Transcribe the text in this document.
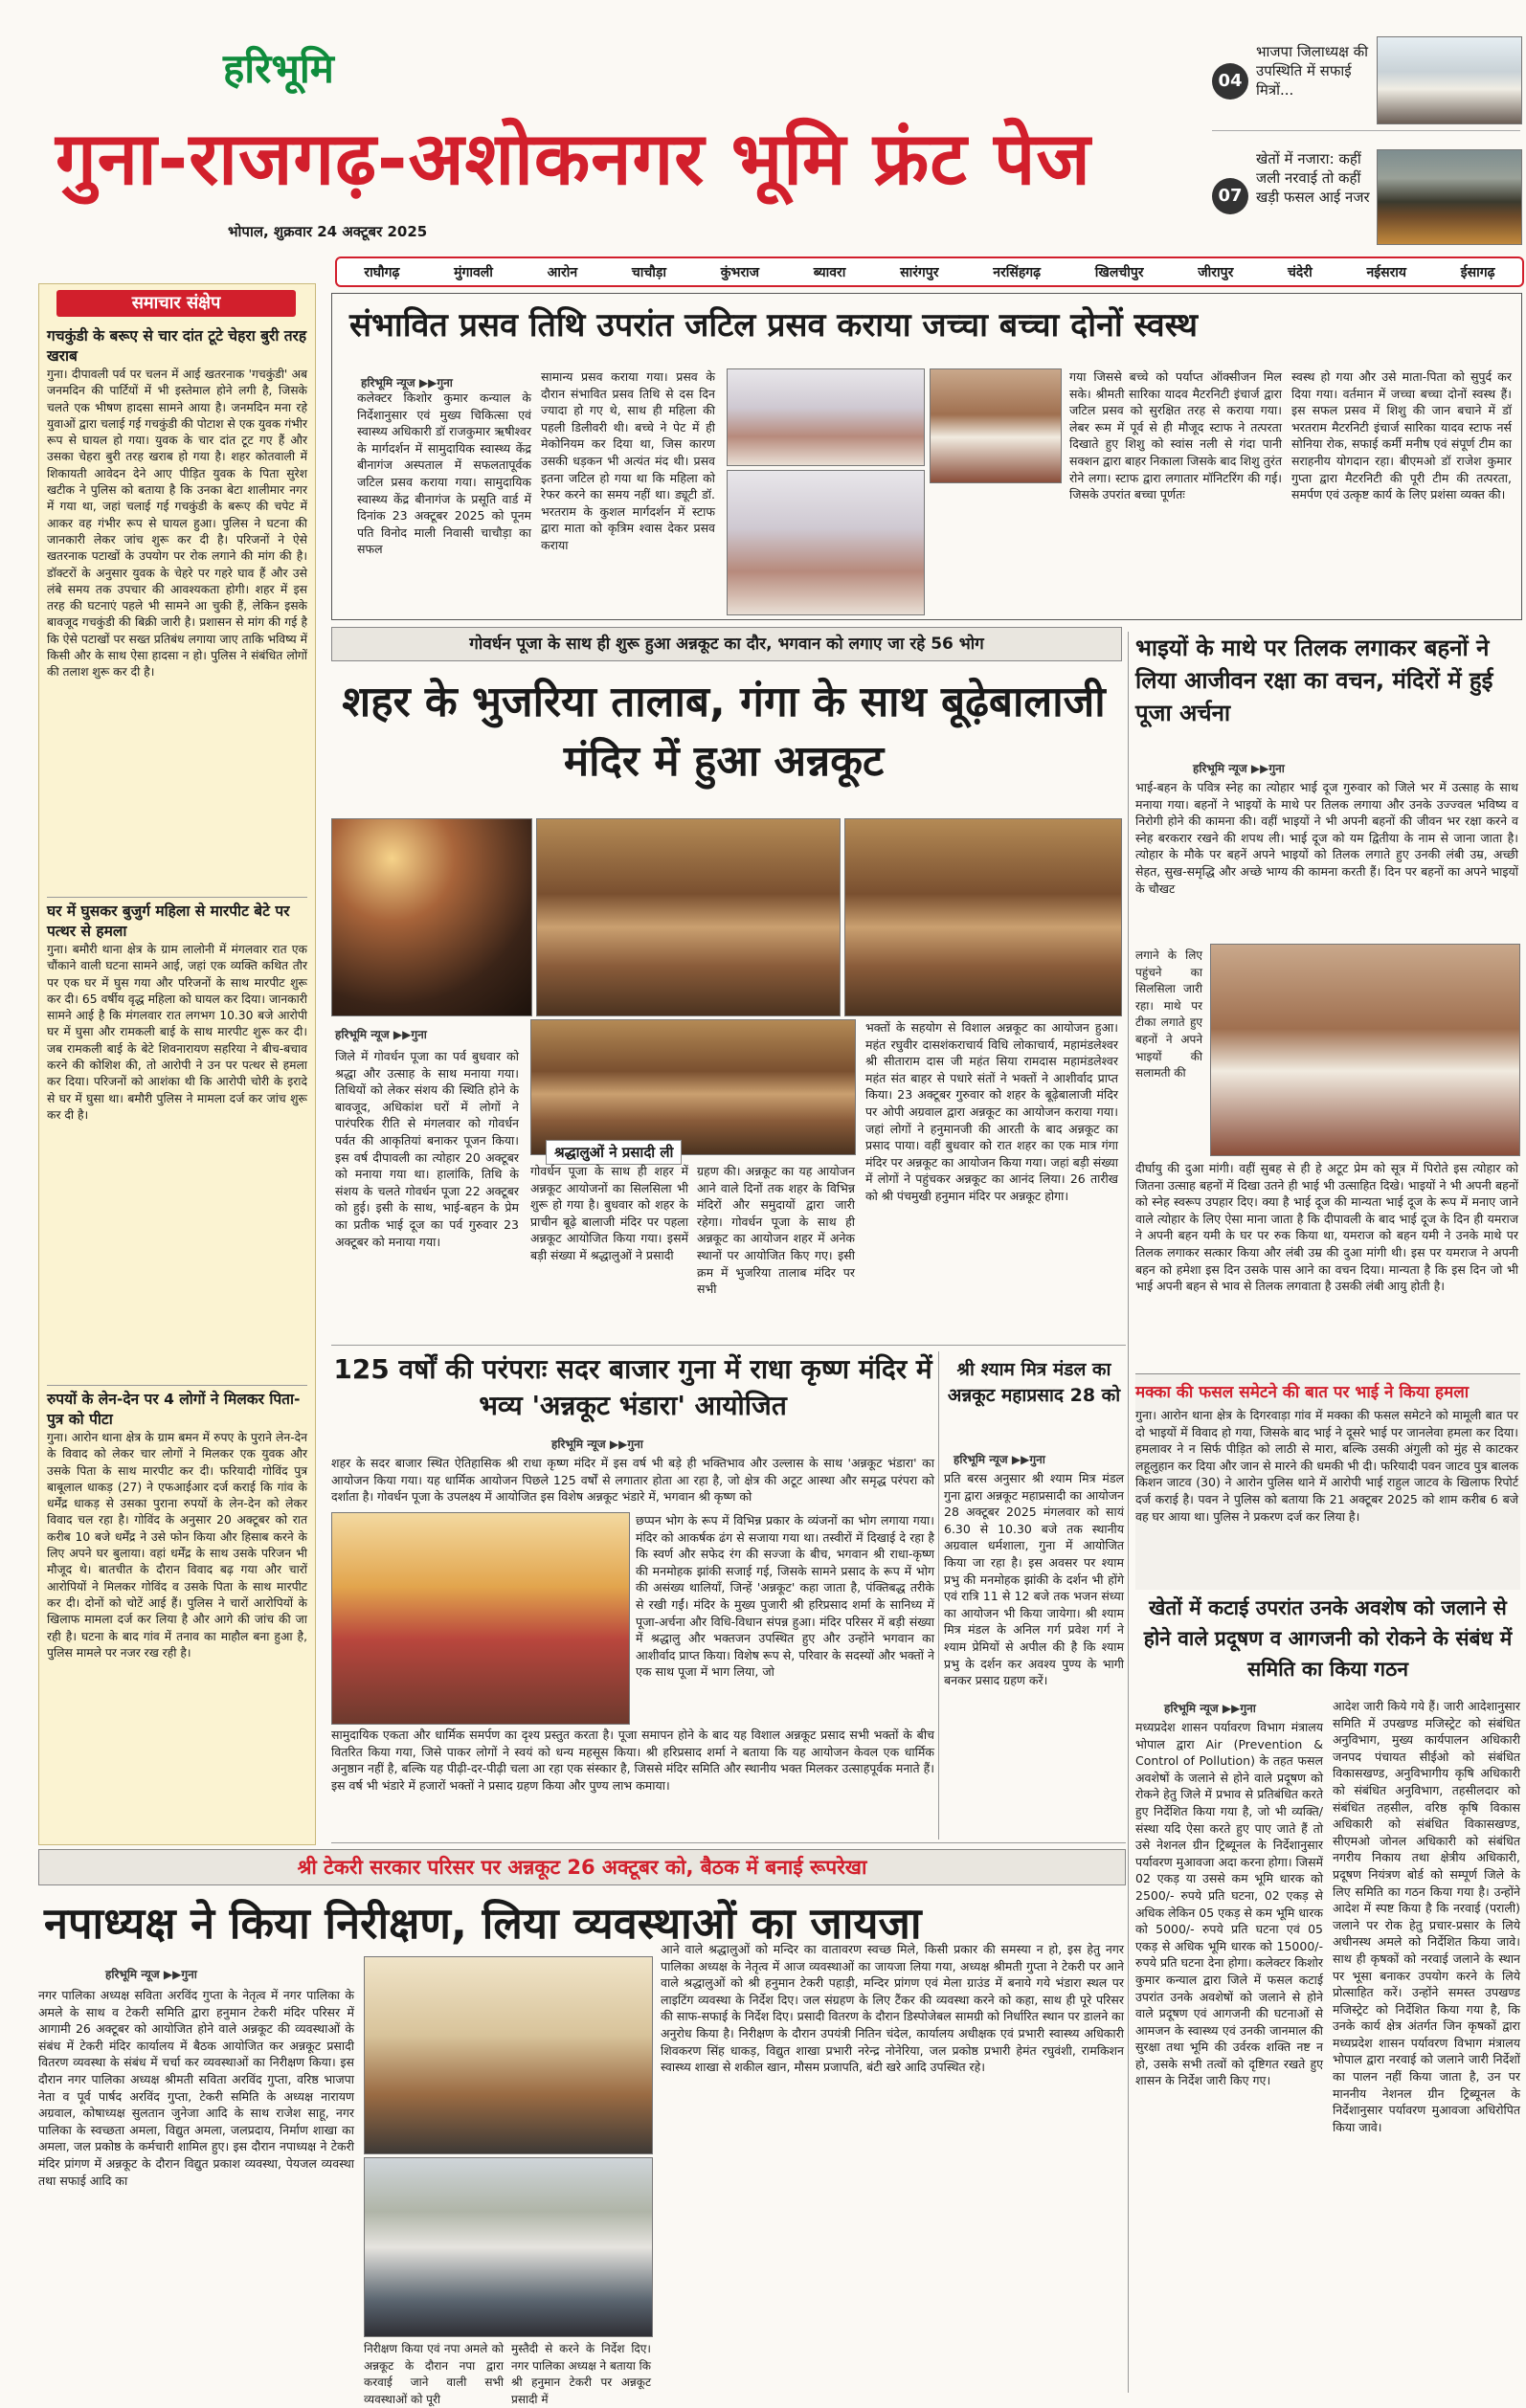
हरिभूमि
गुना-राजगढ़-अशोकनगर भूमि फ्रंट पेज
भोपाल, शुक्रवार 24 अक्टूबर 2025
04
भाजपा जिलाध्यक्ष की उपस्थिति में सफाई मित्रों...
07
खेतों में नजारा: कहीं जली नरवाई तो कहीं खड़ी फसल आई नजर
राघौगढ़	मुंगावली	आरोन	चाचौड़ा	कुंभराज	ब्यावरा	सारंगपुर	नरसिंहगढ़	खिलचीपुर	जीरापुर	चंदेरी	नईसराय	ईसागढ़
समाचार संक्षेप
गचकुंडी के बरूए से चार दांत टूटे चेहरा बुरी तरह खराब
गुना। दीपावली पर्व पर चलन में आई खतरनाक 'गचकुंडी' अब जनमदिन की पार्टियों में भी इस्तेमाल होने लगी है, जिसके चलते एक भीषण हादसा सामने आया है। जनमदिन मना रहे युवाओं द्वारा चलाई गई गचकुंडी की पोटाश से एक युवक गंभीर रूप से घायल हो गया। युवक के चार दांत टूट गए हैं और उसका चेहरा बुरी तरह खराब हो गया है। शहर कोतवाली में शिकायती आवेदन देने आए पीड़ित युवक के पिता सुरेश खटीक ने पुलिस को बताया है कि उनका बेटा शालीमार नगर में गया था, जहां चलाई गई गचकुंडी के बरूए की चपेट में आकर वह गंभीर रूप से घायल हुआ। पुलिस ने घटना की जानकारी लेकर जांच शुरू कर दी है। परिजनों ने ऐसे खतरनाक पटाखों के उपयोग पर रोक लगाने की मांग की है। डॉक्टरों के अनुसार युवक के चेहरे पर गहरे घाव हैं और उसे लंबे समय तक उपचार की आवश्यकता होगी। शहर में इस तरह की घटनाएं पहले भी सामने आ चुकी हैं, लेकिन इसके बावजूद गचकुंडी की बिक्री जारी है। प्रशासन से मांग की गई है कि ऐसे पटाखों पर सख्त प्रतिबंध लगाया जाए ताकि भविष्य में किसी और के साथ ऐसा हादसा न हो। पुलिस ने संबंधित लोगों की तलाश शुरू कर दी है।
घर में घुसकर बुजुर्ग महिला से मारपीट बेटे पर पत्थर से हमला
गुना। बमौरी थाना क्षेत्र के ग्राम लालोनी में मंगलवार रात एक चौंकाने वाली घटना सामने आई, जहां एक व्यक्ति कथित तौर पर एक घर में घुस गया और परिजनों के साथ मारपीट शुरू कर दी। 65 वर्षीय वृद्ध महिला को घायल कर दिया। जानकारी सामने आई है कि मंगलवार रात लगभग 10.30 बजे आरोपी घर में घुसा और रामकली बाई के साथ मारपीट शुरू कर दी। जब रामकली बाई के बेटे शिवनारायण सहरिया ने बीच-बचाव करने की कोशिश की, तो आरोपी ने उन पर पत्थर से हमला कर दिया। परिजनों को आशंका थी कि आरोपी चोरी के इरादे से घर में घुसा था। बमौरी पुलिस ने मामला दर्ज कर जांच शुरू कर दी है।
रुपयों के लेन-देन पर 4 लोगों ने मिलकर पिता-पुत्र को पीटा
गुना। आरोन थाना क्षेत्र के ग्राम बमन में रुपए के पुराने लेन-देन के विवाद को लेकर चार लोगों ने मिलकर एक युवक और उसके पिता के साथ मारपीट कर दी। फरियादी गोविंद पुत्र बाबूलाल धाकड़ (27) ने एफआईआर दर्ज कराई कि गांव के धर्मेंद्र धाकड़ से उसका पुराना रुपयों के लेन-देन को लेकर विवाद चल रहा है। गोविंद के अनुसार 20 अक्टूबर को रात करीब 10 बजे धर्मेंद्र ने उसे फोन किया और हिसाब करने के लिए अपने घर बुलाया। वहां धर्मेंद्र के साथ उसके परिजन भी मौजूद थे। बातचीत के दौरान विवाद बढ़ गया और चारों आरोपियों ने मिलकर गोविंद व उसके पिता के साथ मारपीट कर दी। दोनों को चोटें आई हैं। पुलिस ने चारों आरोपियों के खिलाफ मामला दर्ज कर लिया है और आगे की जांच की जा रही है। घटना के बाद गांव में तनाव का माहौल बना हुआ है, पुलिस मामले पर नजर रख रही है।
संभावित प्रसव तिथि उपरांत जटिल प्रसव कराया जच्चा बच्चा दोनों स्वस्थ
हरिभूमि न्यूज ▶▶गुना
कलेक्टर किशोर कुमार कन्याल के निर्देशानुसार एवं मुख्य चिकित्सा एवं स्वास्थ्य अधिकारी डॉ राजकुमार ऋषीश्वर के मार्गदर्शन में सामुदायिक स्वास्थ्य केंद्र बीनागंज अस्पताल में सफलतापूर्वक जटिल प्रसव कराया गया। सामुदायिक स्वास्थ्य केंद्र बीनागंज के प्रसूति वार्ड में दिनांक 23 अक्टूबर 2025 को पूनम पति विनोद माली निवासी चाचौड़ा का सफल
सामान्य प्रसव कराया गया। प्रसव के दौरान संभावित प्रसव तिथि से दस दिन ज्यादा हो गए थे, साथ ही महिला की पहली डिलीवरी थी। बच्चे ने पेट में ही मेकोनियम कर दिया था, जिस कारण उसकी धड़कन भी अत्यंत मंद थी। प्रसव इतना जटिल हो गया था कि महिला को रेफर करने का समय नहीं था। ड्यूटी डॉ. भरतराम के कुशल मार्गदर्शन में स्टाफ द्वारा माता को कृत्रिम श्वास देकर प्रसव कराया
गया जिससे बच्चे को पर्याप्त ऑक्सीजन मिल सके। श्रीमती सारिका यादव मैटरनिटी इंचार्ज द्वारा जटिल प्रसव को सुरक्षित तरह से कराया गया। लेबर रूम में पूर्व से ही मौजूद स्टाफ ने तत्परता दिखाते हुए शिशु को स्वांस नली से गंदा पानी सक्शन द्वारा बाहर निकाला जिसके बाद शिशु तुरंत रोने लगा। स्टाफ द्वारा लगातार मॉनिटरिंग की गई। जिसके उपरांत बच्चा पूर्णतः
स्वस्थ हो गया और उसे माता-पिता को सुपुर्द कर दिया गया। वर्तमान में जच्चा बच्चा दोनों स्वस्थ हैं। इस सफल प्रसव में शिशु की जान बचाने में डॉ भरतराम मैटरनिटी इंचार्ज सारिका यादव स्टाफ नर्स सोनिया रोक, सफाई कर्मी मनीष एवं संपूर्ण टीम का सराहनीय योगदान रहा। बीएमओ डॉ राजेश कुमार गुप्ता द्वारा मैटरनिटी की पूरी टीम की तत्परता, समर्पण एवं उत्कृष्ट कार्य के लिए प्रशंसा व्यक्त की।
गोवर्धन पूजा के साथ ही शुरू हुआ अन्नकूट का दौर, भगवान को लगाए जा रहे 56 भोग
शहर के भुजरिया तालाब, गंगा के साथ बूढ़ेबालाजी मंदिर में हुआ अन्नकूट
हरिभूमि न्यूज ▶▶गुना
जिले में गोवर्धन पूजा का पर्व बुधवार को श्रद्धा और उत्साह के साथ मनाया गया। तिथियों को लेकर संशय की स्थिति होने के बावजूद, अधिकांश घरों में लोगों ने पारंपरिक रीति से मंगलवार को गोवर्धन पर्वत की आकृतियां बनाकर पूजन किया। इस वर्ष दीपावली का त्योहार 20 अक्टूबर को मनाया गया था। हालांकि, तिथि के संशय के चलते गोवर्धन पूजा 22 अक्टूबर को हुई। इसी के साथ, भाई-बहन के प्रेम का प्रतीक भाई दूज का पर्व गुरुवार 23 अक्टूबर को मनाया गया।
श्रद्धालुओं ने प्रसादी ली
गोवर्धन पूजा के साथ ही शहर में अन्नकूट आयोजनों का सिलसिला भी शुरू हो गया है। बुधवार को शहर के प्राचीन बूढ़े बालाजी मंदिर पर पहला अन्नकूट आयोजित किया गया। इसमें बड़ी संख्या में श्रद्धालुओं ने प्रसादी
ग्रहण की। अन्नकूट का यह आयोजन आने वाले दिनों तक शहर के विभिन्न मंदिरों और समुदायों द्वारा जारी रहेगा। गोवर्धन पूजा के साथ ही अन्नकूट का आयोजन शहर में अनेक स्थानों पर आयोजित किए गए। इसी क्रम में भुजरिया तालाब मंदिर पर सभी
भक्तों के सहयोग से विशाल अन्नकूट का आयोजन हुआ। महंत रघुवीर दासशंकराचार्य विधि लोकाचार्य, महामंडलेश्वर श्री सीताराम दास जी महंत सिया रामदास महामंडलेश्वर महंत संत बाहर से पधारे संतों ने भक्तों ने आशीर्वाद प्राप्त किया। 23 अक्टूबर गुरुवार को शहर के बूढ़ेबालाजी मंदिर पर ओपी अग्रवाल द्वारा अन्नकूट का आयोजन कराया गया। जहां लोगों ने हनुमानजी की आरती के बाद अन्नकूट का प्रसाद पाया। वहीं बुधवार को रात शहर का एक मात्र गंगा मंदिर पर अन्नकूट का आयोजन किया गया। जहां बड़ी संख्या में लोगों ने पहुंचकर अन्नकूट का आनंद लिया। 26 तारीख को श्री पंचमुखी हनुमान मंदिर पर अन्नकूट होगा।
भाइयों के माथे पर तिलक लगाकर बहनों ने लिया आजीवन रक्षा का वचन, मंदिरों में हुई पूजा अर्चना
हरिभूमि न्यूज ▶▶गुना
भाई-बहन के पवित्र स्नेह का त्योहार भाई दूज गुरुवार को जिले भर में उत्साह के साथ मनाया गया। बहनों ने भाइयों के माथे पर तिलक लगाया और उनके उज्ज्वल भविष्य व निरोगी होने की कामना की। वहीं भाइयों ने भी अपनी बहनों की जीवन भर रक्षा करने व स्नेह बरकरार रखने की शपथ ली। भाई दूज को यम द्वितीया के नाम से जाना जाता है। त्योहार के मौके पर बहनें अपने भाइयों को तिलक लगाते हुए उनकी लंबी उम्र, अच्छी सेहत, सुख-समृद्धि और अच्छे भाग्य की कामना करती हैं। दिन पर बहनों का अपने भाइयों के चौखट
लगाने के लिए पहुंचने का सिलसिला जारी रहा। माथे पर टीका लगाते हुए बहनों ने अपने भाइयों की सलामती की
दीर्घायु की दुआ मांगी। वहीं सुबह से ही हे अटूट प्रेम को सूत्र में पिरोते इस त्योहार को जितना उत्साह बहनों में दिखा उतने ही भाई भी उत्साहित दिखे। भाइयों ने भी अपनी बहनों को स्नेह स्वरूप उपहार दिए। क्या है भाई दूज की मान्यता भाई दूज के रूप में मनाए जाने वाले त्योहार के लिए ऐसा माना जाता है कि दीपावली के बाद भाई दूज के दिन ही यमराज ने अपनी बहन यमी के घर पर रुक किया था, यमराज को बहन यमी ने उनके माथे पर तिलक लगाकर सत्कार किया और लंबी उम्र की दुआ मांगी थी। इस पर यमराज ने अपनी बहन को हमेशा इस दिन उसके पास आने का वचन दिया। मान्यता है कि इस दिन जो भी भाई अपनी बहन से भाव से तिलक लगवाता है उसकी लंबी आयु होती है।
मक्का की फसल समेटने की बात पर भाई ने किया हमला
गुना। आरोन थाना क्षेत्र के दिगरवाड़ा गांव में मक्का की फसल समेटने को मामूली बात पर दो भाइयों में विवाद हो गया, जिसके बाद भाई ने दूसरे भाई पर जानलेवा हमला कर दिया। हमलावर ने न सिर्फ पीड़ित को लाठी से मारा, बल्कि उसकी अंगुली को मुंह से काटकर लहूलुहान कर दिया और जान से मारने की धमकी भी दी। फरियादी पवन जाटव पुत्र बालक किशन जाटव (30) ने आरोन पुलिस थाने में आरोपी भाई राहुल जाटव के खिलाफ रिपोर्ट दर्ज कराई है। पवन ने पुलिस को बताया कि 21 अक्टूबर 2025 को शाम करीब 6 बजे वह घर आया था। पुलिस ने प्रकरण दर्ज कर लिया है।
125 वर्षों की परंपराः सदर बाजार गुना में राधा कृष्ण मंदिर में भव्य 'अन्नकूट भंडारा' आयोजित
हरिभूमि न्यूज ▶▶गुना
शहर के सदर बाजार स्थित ऐतिहासिक श्री राधा कृष्ण मंदिर में इस वर्ष भी बड़े ही भक्तिभाव और उल्लास के साथ 'अन्नकूट भंडारा' का आयोजन किया गया। यह धार्मिक आयोजन पिछले 125 वर्षों से लगातार होता आ रहा है, जो क्षेत्र की अटूट आस्था और समृद्ध परंपरा को दर्शाता है। गोवर्धन पूजा के उपलक्ष्य में आयोजित इस विशेष अन्नकूट भंडारे में, भगवान श्री कृष्ण को
छप्पन भोग के रूप में विभिन्न प्रकार के व्यंजनों का भोग लगाया गया। मंदिर को आकर्षक ढंग से सजाया गया था। तस्वीरों में दिखाई दे रहा है कि स्वर्ण और सफेद रंग की सज्जा के बीच, भगवान श्री राधा-कृष्ण की मनमोहक झांकी सजाई गई, जिसके सामने प्रसाद के रूप में भोग की असंख्य थालियाँ, जिन्हें 'अन्नकूट' कहा जाता है, पंक्तिबद्ध तरीके से रखी गईं। मंदिर के मुख्य पुजारी श्री हरिप्रसाद शर्मा के सानिध्य में पूजा-अर्चना और विधि-विधान संपन्न हुआ। मंदिर परिसर में बड़ी संख्या में श्रद्धालु और भक्तजन उपस्थित हुए और उन्होंने भगवान का आशीर्वाद प्राप्त किया। विशेष रूप से, परिवार के सदस्यों और भक्तों ने एक साथ पूजा में भाग लिया, जो
सामुदायिक एकता और धार्मिक समर्पण का दृश्य प्रस्तुत करता है। पूजा समापन होने के बाद यह विशाल अन्नकूट प्रसाद सभी भक्तों के बीच वितरित किया गया, जिसे पाकर लोगों ने स्वयं को धन्य महसूस किया। श्री हरिप्रसाद शर्मा ने बताया कि यह आयोजन केवल एक धार्मिक अनुष्ठान नहीं है, बल्कि यह पीढ़ी-दर-पीढ़ी चला आ रहा एक संस्कार है, जिससे मंदिर समिति और स्थानीय भक्त मिलकर उत्साहपूर्वक मनाते हैं। इस वर्ष भी भंडारे में हजारों भक्तों ने प्रसाद ग्रहण किया और पुण्य लाभ कमाया।
श्री श्याम मित्र मंडल का अन्नकूट महाप्रसाद 28 को
हरिभूमि न्यूज ▶▶गुना
प्रति बरस अनुसार श्री श्याम मित्र मंडल गुना द्वारा अन्नकूट महाप्रसादी का आयोजन 28 अक्टूबर 2025 मंगलवार को सायं 6.30 से 10.30 बजे तक स्थानीय अग्रवाल धर्मशाला, गुना में आयोजित किया जा रहा है। इस अवसर पर श्याम प्रभु की मनमोहक झांकी के दर्शन भी होंगे एवं रात्रि 11 से 12 बजे तक भजन संध्या का आयोजन भी किया जायेगा। श्री श्याम मित्र मंडल के अनिल गर्ग प्रवेश गर्ग ने श्याम प्रेमियों से अपील की है कि श्याम प्रभु के दर्शन कर अवश्य पुण्य के भागी बनकर प्रसाद ग्रहण करें।
खेतों में कटाई उपरांत उनके अवशेष को जलाने से होने वाले प्रदूषण व आगजनी को रोकने के संबंध में समिति का किया गठन
हरिभूमि न्यूज ▶▶गुना
मध्यप्रदेश शासन पर्यावरण विभाग मंत्रालय भोपाल द्वारा Air (Prevention & Control of Pollution) के तहत फसल अवशेषों के जलाने से होने वाले प्रदूषण को रोकने हेतु जिले में प्रभाव से प्रतिबंधित करते हुए निर्देशित किया गया है, जो भी व्यक्ति/संस्था यदि ऐसा करते हुए पाए जाते हैं तो उसे नेशनल ग्रीन ट्रिब्यूनल के निर्देशानुसार पर्यावरण मुआवजा अदा करना होगा। जिसमें 02 एकड़ या उससे कम भूमि धारक को 2500/- रुपये प्रति घटना, 02 एकड़ से अधिक लेकिन 05 एकड़ से कम भूमि धारक को 5000/- रुपये प्रति घटना एवं 05 एकड़ से अधिक भूमि धारक को 15000/- रुपये प्रति घटना देना होगा। कलेक्टर किशोर कुमार कन्याल द्वारा जिले में फसल कटाई उपरांत उनके अवशेषों को जलाने से होने वाले प्रदूषण एवं आगजनी की घटनाओं से आमजन के स्वास्थ्य एवं उनकी जानमाल की सुरक्षा तथा भूमि की उर्वरक शक्ति नष्ट न हो, उसके सभी तत्वों को दृष्टिगत रखते हुए शासन के निर्देश जारी किए गए।
आदेश जारी किये गये हैं। जारी आदेशानुसार समिति में उपखण्ड मजिस्ट्रेट को संबंधित अनुविभाग, मुख्य कार्यपालन अधिकारी जनपद पंचायत सीईओ को संबंधित विकासखण्ड, अनुविभागीय कृषि अधिकारी को संबंधित अनुविभाग, तहसीलदार को संबंधित तहसील, वरिष्ठ कृषि विकास अधिकारी को संबंधित विकासखण्ड, सीएमओ जोनल अधिकारी को संबंधित नगरीय निकाय तथा क्षेत्रीय अधिकारी, प्रदूषण नियंत्रण बोर्ड को सम्पूर्ण जिले के लिए समिति का गठन किया गया है। उन्होंने आदेश में स्पष्ट किया है कि नरवाई (पराली) जलाने पर रोक हेतु प्रचार-प्रसार के लिये अधीनस्थ अमले को निर्देशित किया जावे। साथ ही कृषकों को नरवाई जलाने के स्थान पर भूसा बनाकर उपयोग करने के लिये प्रोत्साहित करें। उन्होंने समस्त उपखण्ड मजिस्ट्रेट को निर्देशित किया गया है, कि उनके कार्य क्षेत्र अंतर्गत जिन कृषकों द्वारा मध्यप्रदेश शासन पर्यावरण विभाग मंत्रालय भोपाल द्वारा नरवाई को जलाने जारी निर्देशों का पालन नहीं किया जाता है, उन पर माननीय नेशनल ग्रीन ट्रिब्यूनल के निर्देशानुसार पर्यावरण मुआवजा अधिरोपित किया जावे।
श्री टेकरी सरकार परिसर पर अन्नकूट 26 अक्टूबर को, बैठक में बनाई रूपरेखा
नपाध्यक्ष ने किया निरीक्षण, लिया व्यवस्थाओं का जायजा
हरिभूमि न्यूज ▶▶गुना
नगर पालिका अध्यक्ष सविता अरविंद गुप्ता के नेतृत्व में नगर पालिका के अमले के साथ व टेकरी समिति द्वारा हनुमान टेकरी मंदिर परिसर में आगामी 26 अक्टूबर को आयोजित होने वाले अन्नकूट की व्यवस्थाओं के संबंध में टेकरी मंदिर कार्यालय में बैठक आयोजित कर अन्नकूट प्रसादी वितरण व्यवस्था के संबंध में चर्चा कर व्यवस्थाओं का निरीक्षण किया। इस दौरान नगर पालिका अध्यक्ष श्रीमती सविता अरविंद गुप्ता, वरिष्ठ भाजपा नेता व पूर्व पार्षद अरविंद गुप्ता, टेकरी समिति के अध्यक्ष नारायण अग्रवाल, कोषाध्यक्ष सुलतान जुनेजा आदि के साथ राजेश साहू, नगर पालिका के स्वच्छता अमला, विद्युत अमला, जलप्रदाय, निर्माण शाखा का अमला, जल प्रकोष्ठ के कर्मचारी शामिल हुए। इस दौरान नपाध्यक्ष ने टेकरी मंदिर प्रांगण में अन्नकूट के दौरान विद्युत प्रकाश व्यवस्था, पेयजल व्यवस्था तथा सफाई आदि का
निरीक्षण किया एवं नपा अमले को अन्नकूट के दौरान नपा द्वारा करवाई जाने वाली सभी व्यवस्थाओं को पूरी
मुस्तैदी से करने के निर्देश दिए। नगर पालिका अध्यक्ष ने बताया कि श्री हनुमान टेकरी पर अन्नकूट प्रसादी में
आने वाले श्रद्धालुओं को मन्दिर का वातावरण स्वच्छ मिले, किसी प्रकार की समस्या न हो, इस हेतु नगर पालिका अध्यक्ष के नेतृत्व में आज व्यवस्थाओं का जायजा लिया गया, अध्यक्ष श्रीमती गुप्ता ने टेकरी पर आने वाले श्रद्धालुओं को श्री हनुमान टेकरी पहाड़ी, मन्दिर प्रांगण एवं मेला ग्राउंड में बनाये गये भंडारा स्थल पर लाइटिंग व्यवस्था के निर्देश दिए। जल संग्रहण के लिए टैंकर की व्यवस्था करने को कहा, साथ ही पूरे परिसर की साफ-सफाई के निर्देश दिए। प्रसादी वितरण के दौरान डिस्पोजेबल सामग्री को निर्धारित स्थान पर डालने का अनुरोध किया है। निरीक्षण के दौरान उपयंत्री नितिन चंदेल, कार्यालय अधीक्षक एवं प्रभारी स्वास्थ्य अधिकारी शिवकरण सिंह धाकड़, विद्युत शाखा प्रभारी नरेन्द्र नोनेरिया, जल प्रकोष्ठ प्रभारी हेमंत रघुवंशी, रामकिशन स्वास्थ्य शाखा से शकील खान, मौसम प्रजापति, बंटी खरे आदि उपस्थित रहे।
